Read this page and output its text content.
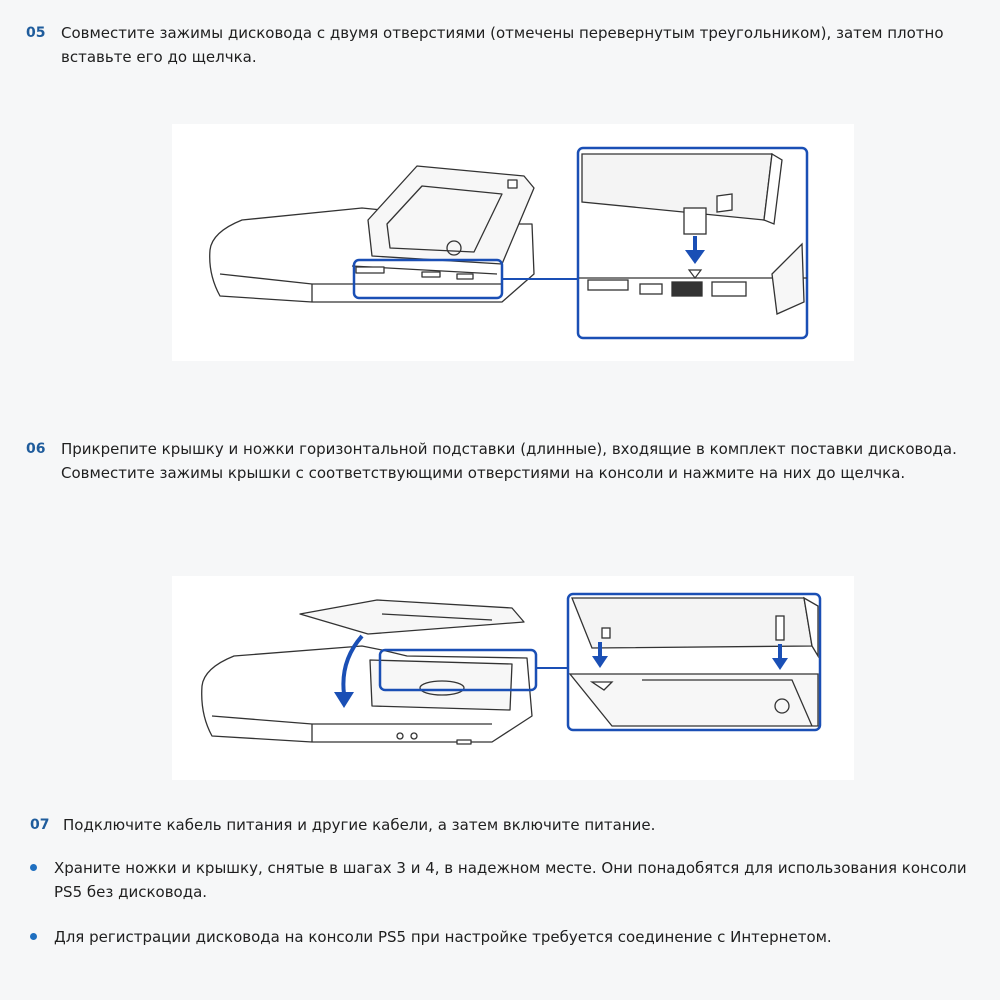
05 Совместите зажимы дисковода с двумя отверстиями (отмечены перевернутым треугольником), затем плотно вставьте его до щелчка.
06 Прикрепите крышку и ножки горизонтальной подставки (длинные), входящие в комплект поставки дисковода. Совместите зажимы крышки с соответствующими отверстиями на консоли и нажмите на них до щелчка.
07 Подключите кабель питания и другие кабели, а затем включите питание.
Храните ножки и крышку, снятые в шагах 3 и 4, в надежном месте. Они понадобятся для использования консоли PS5 без дисковода.
Для регистрации дисковода на консоли PS5 при настройке требуется соединение с Интернетом.
